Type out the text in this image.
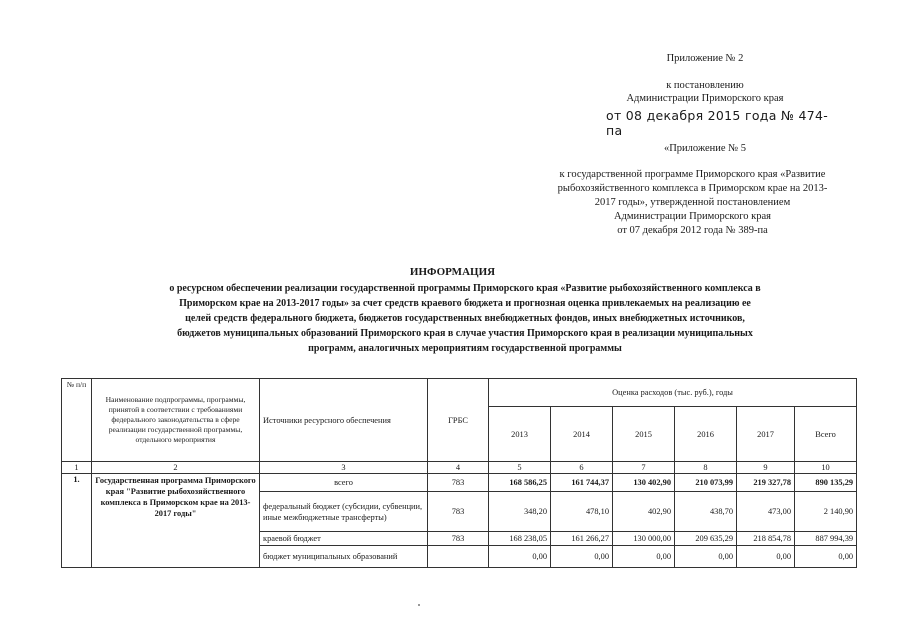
Приложение № 2
к постановлению
Администрации Приморского края
от 08 декабря 2015 года № 474-па
«Приложение № 5
к государственной программе Приморского края «Развитие
рыбохозяйственного комплекса в Приморском крае на 2013-
2017 годы», утвержденной постановлением
Администрации Приморского края
от 07 декабря 2012 года № 389-па
ИНФОРМАЦИЯ
о ресурсном обеспечении реализации государственной программы Приморского края «Развитие рыбохозяйственного комплекса в
Приморском крае на 2013-2017 годы» за счет средств краевого бюджета и прогнозная оценка привлекаемых на реализацию ее
целей средств федерального бюджета, бюджетов государственных внебюджетных фондов, иных внебюджетных источников,
бюджетов муниципальных образований Приморского края в случае участия Приморского края в реализации муниципальных
программ, аналогичных мероприятиям государственной программы
№ п/п	Наименование подпрограммы, программы, принятой в соответствии с требованиями федерального законодательства в сфере реализации государственной программы, отдельного мероприятия	Источники ресурсного обеспечения	ГРБС	Оценка расходов (тыс. руб.), годы					
				2013	2014	2015	2016	2017	Всего
1	2	3	4	5	6	7	8	9	10
1.	Государственная программа Приморского края "Развитие рыбохозяйственного комплекса в Приморском крае на 2013-2017 годы"	всего	783	168 586,25	161 744,37	130 402,90	210 073,99	219 327,78	890 135,29
		федеральный бюджет (субсидии, субвенции, иные межбюджетные трансферты)	783	348,20	478,10	402,90	438,70	473,00	2 140,90
		краевой бюджет	783	168 238,05	161 266,27	130 000,00	209 635,29	218 854,78	887 994,39
		бюджет муниципальных образований		0,00	0,00	0,00	0,00	0,00	0,00
